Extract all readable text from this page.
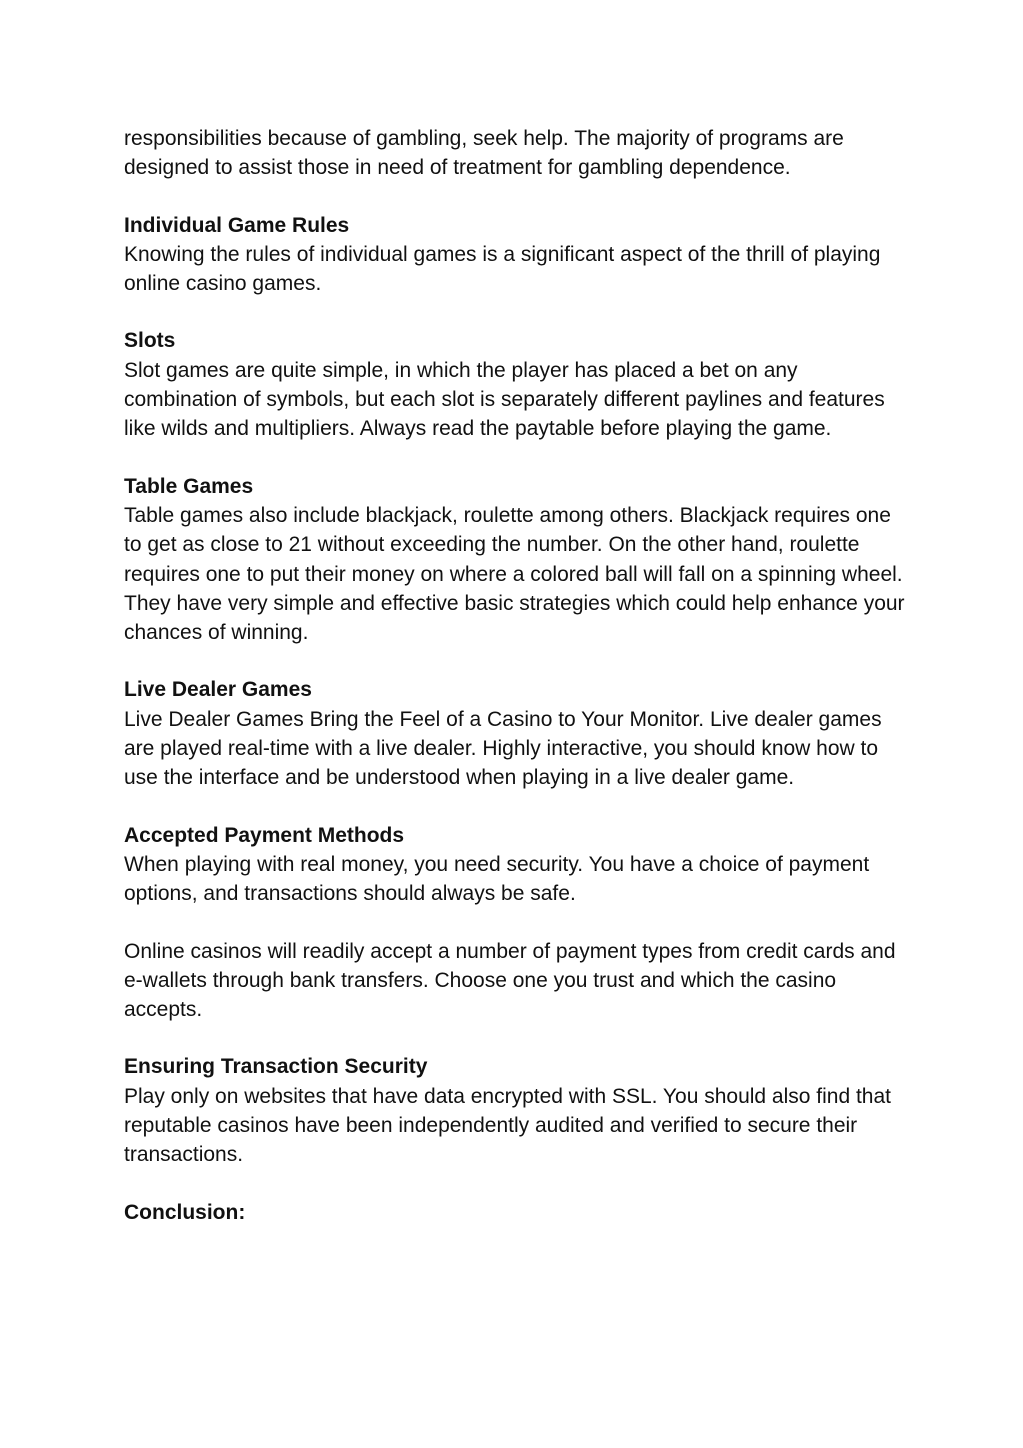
responsibilities because of gambling, seek help. The majority of programs are designed to assist those in need of treatment for gambling dependence.

Individual Game Rules

Knowing the rules of individual games is a significant aspect of the thrill of playing online casino games.

Slots

Slot games are quite simple, in which the player has placed a bet on any combination of symbols, but each slot is separately different paylines and features like wilds and multipliers. Always read the paytable before playing the game.

Table Games

Table games also include blackjack, roulette among others. Blackjack requires one to get as close to 21 without exceeding the number. On the other hand, roulette requires one to put their money on where a colored ball will fall on a spinning wheel. They have very simple and effective basic strategies which could help enhance your chances of winning.

Live Dealer Games

Live Dealer Games Bring the Feel of a Casino to Your Monitor. Live dealer games are played real-time with a live dealer. Highly interactive, you should know how to use the interface and be understood when playing in a live dealer game.

Accepted Payment Methods

When playing with real money, you need security. You have a choice of payment options, and transactions should always be safe.

Online casinos will readily accept a number of payment types from credit cards and e-wallets through bank transfers. Choose one you trust and which the casino accepts.

Ensuring Transaction Security

Play only on websites that have data encrypted with SSL. You should also find that reputable casinos have been independently audited and verified to secure their transactions.

Conclusion:
